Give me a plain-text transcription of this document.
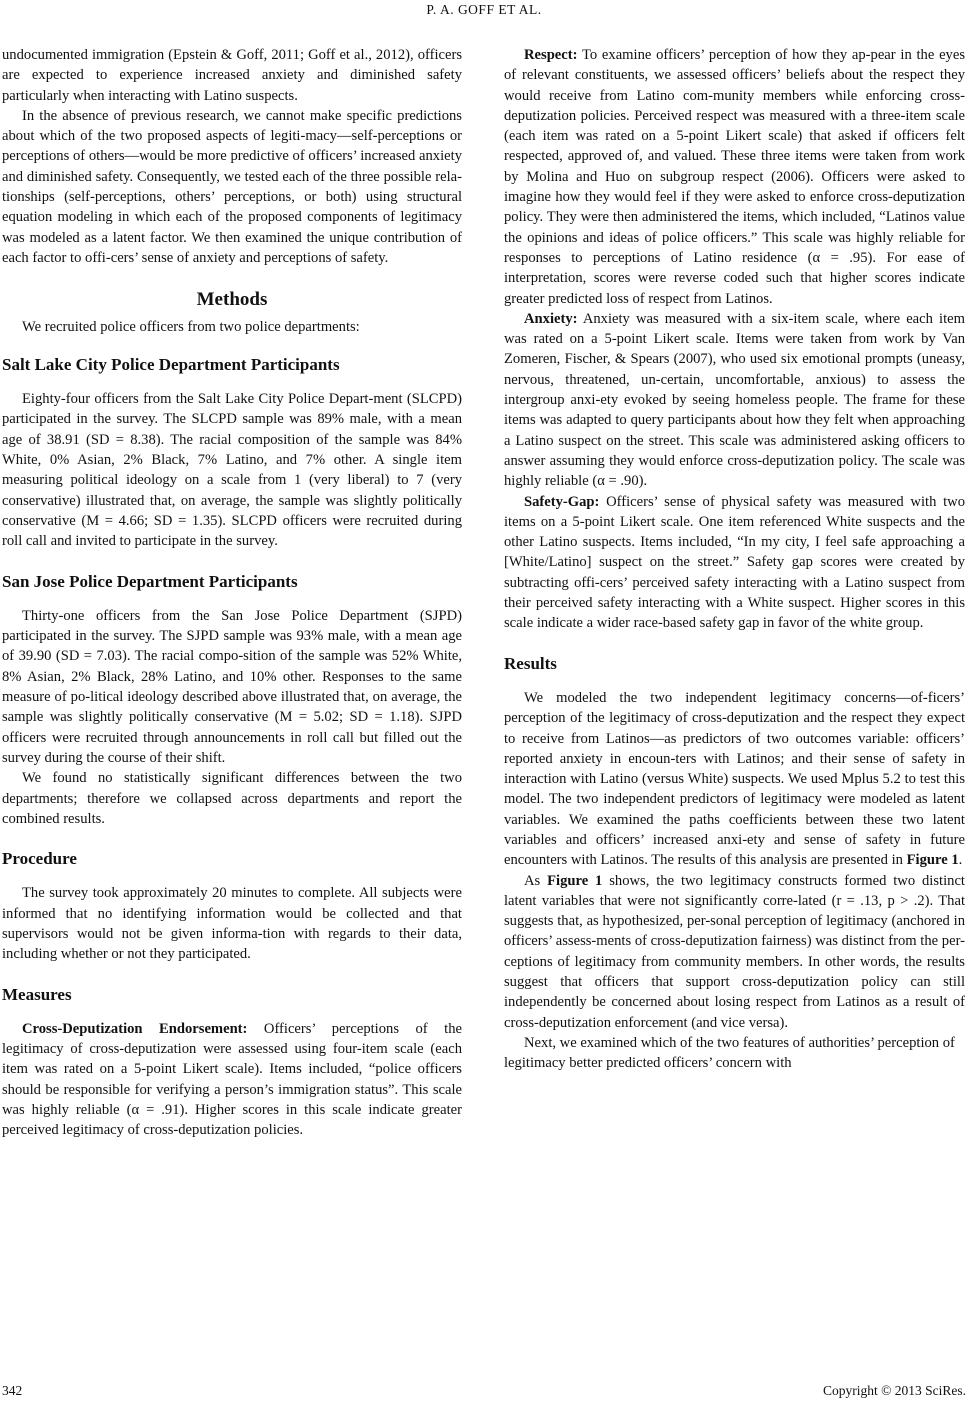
P. A. GOFF ET AL.

undocumented immigration (Epstein & Goff, 2011; Goff et al., 2012), officers are expected to experience increased anxiety and diminished safety particularly when interacting with Latino suspects.

In the absence of previous research, we cannot make specific predictions about which of the two proposed aspects of legiti-macy—self-perceptions or perceptions of others—would be more predictive of officers’ increased anxiety and diminished safety. Consequently, we tested each of the three possible rela-tionships (self-perceptions, others’ perceptions, or both) using structural equation modeling in which each of the proposed components of legitimacy was modeled as a latent factor. We then examined the unique contribution of each factor to offi-cers’ sense of anxiety and perceptions of safety.

Methods

We recruited police officers from two police departments:

Salt Lake City Police Department Participants

Eighty-four officers from the Salt Lake City Police Depart-ment (SLCPD) participated in the survey. The SLCPD sample was 89% male, with a mean age of 38.91 (SD = 8.38). The racial composition of the sample was 84% White, 0% Asian, 2% Black, 7% Latino, and 7% other. A single item measuring political ideology on a scale from 1 (very liberal) to 7 (very conservative) illustrated that, on average, the sample was slightly politically conservative (M = 4.66; SD = 1.35). SLCPD officers were recruited during roll call and invited to participate in the survey.

San Jose Police Department Participants

Thirty-one officers from the San Jose Police Department (SJPD) participated in the survey. The SJPD sample was 93% male, with a mean age of 39.90 (SD = 7.03). The racial compo-sition of the sample was 52% White, 8% Asian, 2% Black, 28% Latino, and 10% other. Responses to the same measure of po-litical ideology described above illustrated that, on average, the sample was slightly politically conservative (M = 5.02; SD = 1.18). SJPD officers were recruited through announcements in roll call but filled out the survey during the course of their shift.

We found no statistically significant differences between the two departments; therefore we collapsed across departments and report the combined results.

Procedure

The survey took approximately 20 minutes to complete. All subjects were informed that no identifying information would be collected and that supervisors would not be given informa-tion with regards to their data, including whether or not they participated.

Measures

Cross-Deputization Endorsement: Officers’ perceptions of the legitimacy of cross-deputization were assessed using four-item scale (each item was rated on a 5-point Likert scale). Items included, “police officers should be responsible for verifying a person’s immigration status”. This scale was highly reliable (α = .91). Higher scores in this scale indicate greater perceived legitimacy of cross-deputization policies.

Respect: To examine officers’ perception of how they ap-pear in the eyes of relevant constituents, we assessed officers’ beliefs about the respect they would receive from Latino com-munity members while enforcing cross-deputization policies. Perceived respect was measured with a three-item scale (each item was rated on a 5-point Likert scale) that asked if officers felt respected, approved of, and valued. These three items were taken from work by Molina and Huo on subgroup respect (2006). Officers were asked to imagine how they would feel if they were asked to enforce cross-deputization policy. They were then administered the items, which included, “Latinos value the opinions and ideas of police officers.” This scale was highly reliable for responses to perceptions of Latino residence (α = .95). For ease of interpretation, scores were reverse coded such that higher scores indicate greater predicted loss of respect from Latinos.

Anxiety: Anxiety was measured with a six-item scale, where each item was rated on a 5-point Likert scale. Items were taken from work by Van Zomeren, Fischer, & Spears (2007), who used six emotional prompts (uneasy, nervous, threatened, un-certain, uncomfortable, anxious) to assess the intergroup anxi-ety evoked by seeing homeless people. The frame for these items was adapted to query participants about how they felt when approaching a Latino suspect on the street. This scale was administered asking officers to answer assuming they would enforce cross-deputization policy. The scale was highly reliable (α = .90).

Safety-Gap: Officers’ sense of physical safety was measured with two items on a 5-point Likert scale. One item referenced White suspects and the other Latino suspects. Items included, “In my city, I feel safe approaching a [White/Latino] suspect on the street.” Safety gap scores were created by subtracting offi-cers’ perceived safety interacting with a Latino suspect from their perceived safety interacting with a White suspect. Higher scores in this scale indicate a wider race-based safety gap in favor of the white group.

Results

We modeled the two independent legitimacy concerns—of-ficers’ perception of the legitimacy of cross-deputization and the respect they expect to receive from Latinos—as predictors of two outcomes variable: officers’ reported anxiety in encoun-ters with Latinos; and their sense of safety in interaction with Latino (versus White) suspects. We used Mplus 5.2 to test this model. The two independent predictors of legitimacy were modeled as latent variables. We examined the paths coefficients between these two latent variables and officers’ increased anxi-ety and sense of safety in future encounters with Latinos. The results of this analysis are presented in Figure 1.

As Figure 1 shows, the two legitimacy constructs formed two distinct latent variables that were not significantly corre-lated (r = .13, p > .2). That suggests that, as hypothesized, per-sonal perception of legitimacy (anchored in officers’ assess-ments of cross-deputization fairness) was distinct from the per-ceptions of legitimacy from community members. In other words, the results suggest that officers that support cross-deputization policy can still independently be concerned about losing respect from Latinos as a result of cross-deputization enforcement (and vice versa).

Next, we examined which of the two features of authorities’ perception of legitimacy better predicted officers’ concern with

342	Copyright © 2013 SciRes.
